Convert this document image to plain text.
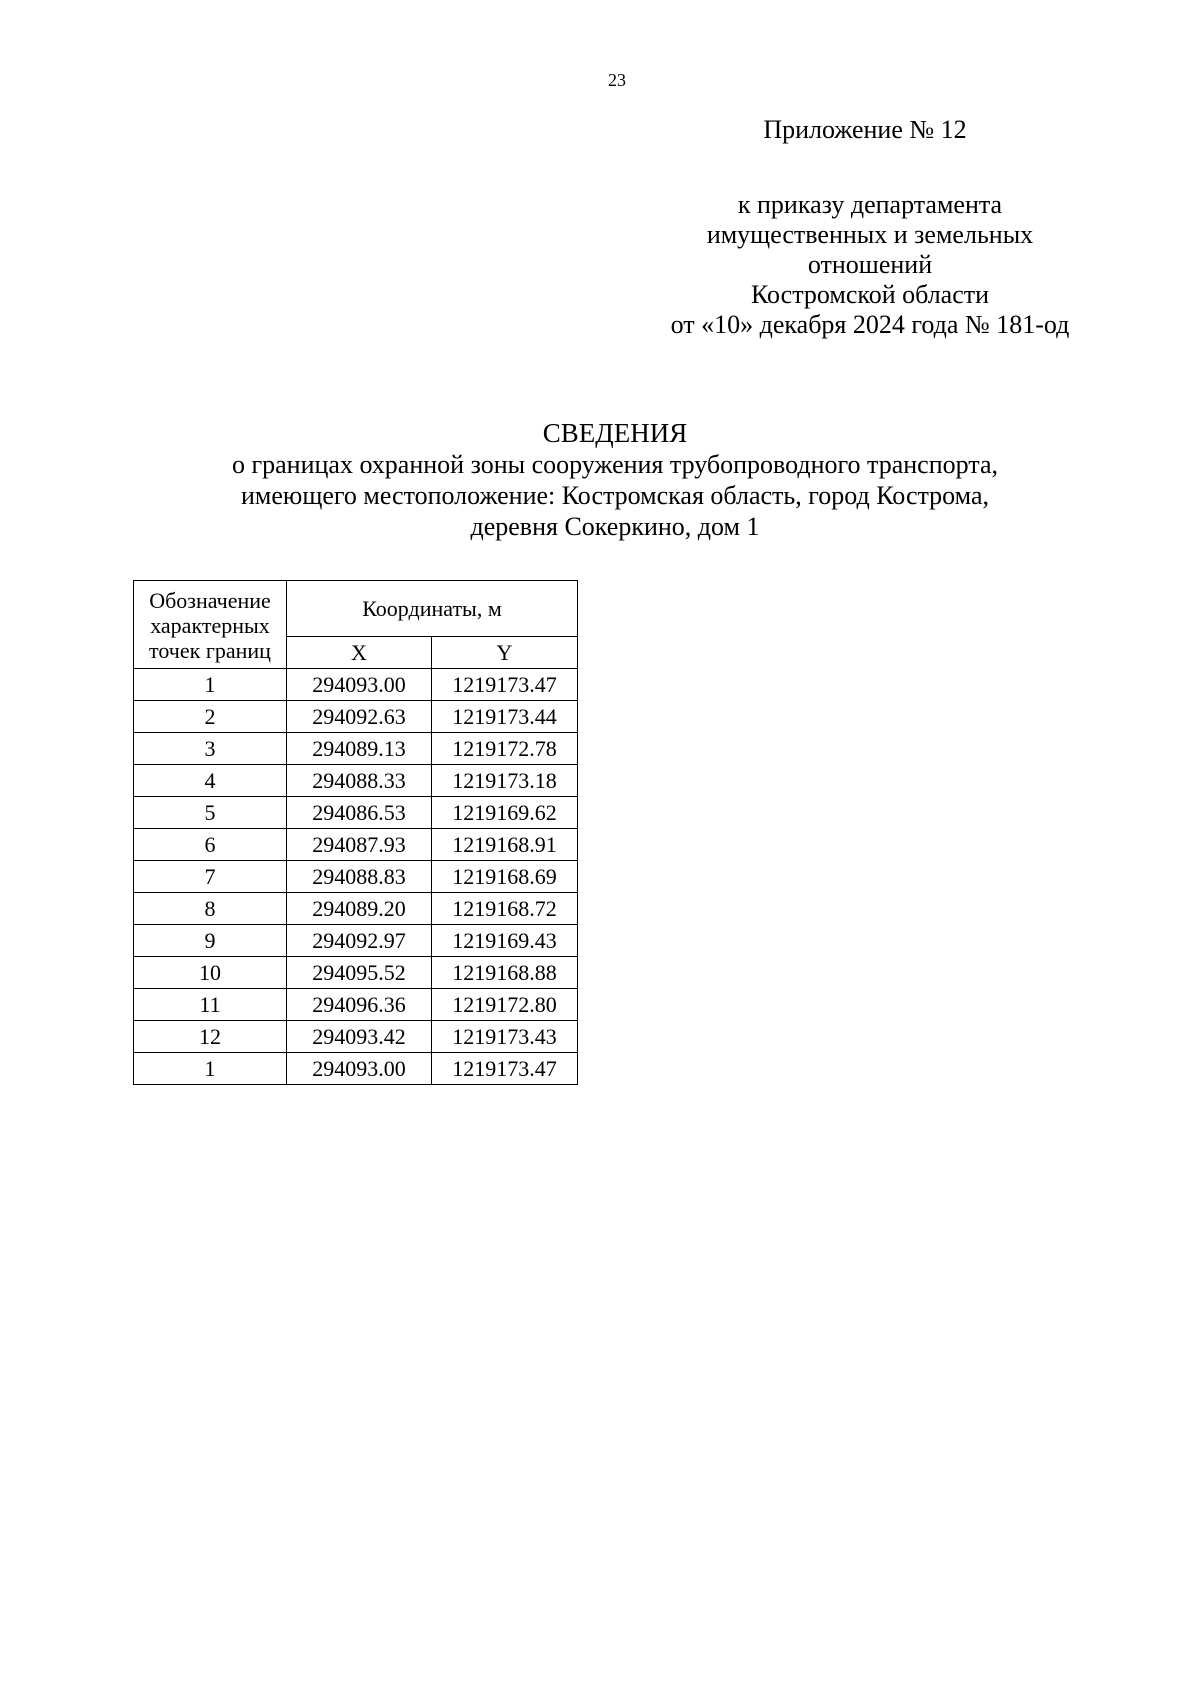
23
Приложение № 12
к приказу департамента
имущественных и земельных
отношений
Костромской области
от «10» декабря 2024 года № 181-од
СВЕДЕНИЯ
о границах охранной зоны сооружения трубопроводного транспорта,
имеющего местоположение: Костромская область, город Кострома,
деревня Сокеркино, дом 1
Обозначение
характерных
точек границ	Координаты, м	
	X	Y
1	294093.00	1219173.47
2	294092.63	1219173.44
3	294089.13	1219172.78
4	294088.33	1219173.18
5	294086.53	1219169.62
6	294087.93	1219168.91
7	294088.83	1219168.69
8	294089.20	1219168.72
9	294092.97	1219169.43
10	294095.52	1219168.88
11	294096.36	1219172.80
12	294093.42	1219173.43
1	294093.00	1219173.47
